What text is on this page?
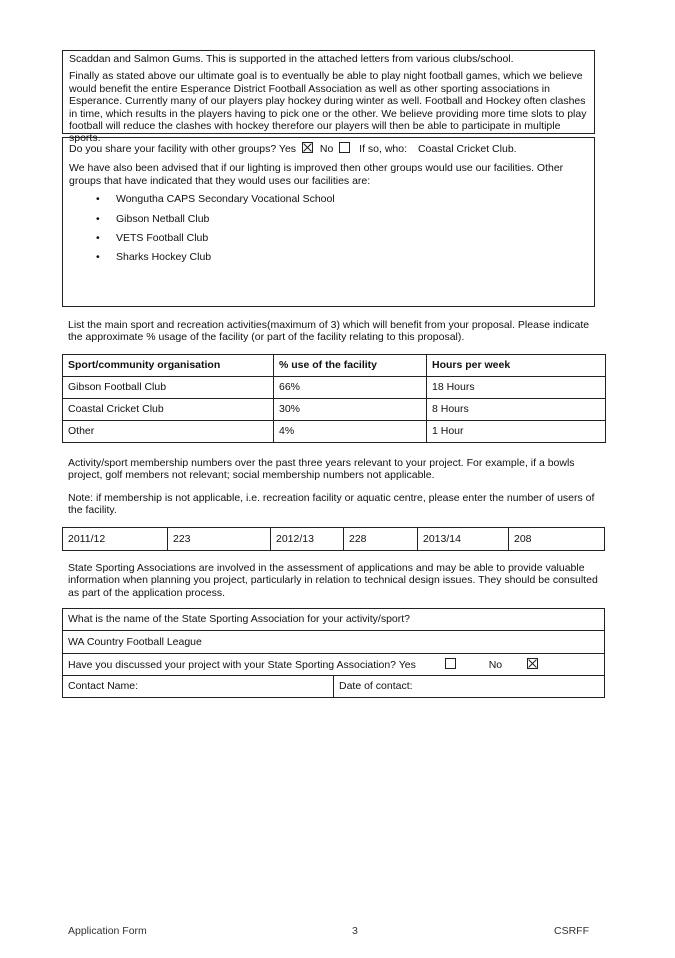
Scaddan and Salmon Gums. This is supported in the attached letters from various clubs/school.

Finally as stated above our ultimate goal is to eventually be able to play night football games, which we believe would benefit the entire Esperance District Football Association as well as other sporting associations in Esperance. Currently many of our players play hockey during winter as well. Football and Hockey often clashes in time, which results in the players having to pick one or the other. We believe providing more time slots to play football will reduce the clashes with hockey therefore our players will then be able to participate in multiple sports.

Do you share your facility with other groups? Yes No If so, who: Coastal Cricket Club.

We have also been advised that if our lighting is improved then other groups would use our facilities. Other groups that have indicated that they would uses our facilities are:

• Wongutha CAPS Secondary Vocational School
• Gibson Netball Club
• VETS Football Club
• Sharks Hockey Club

List the main sport and recreation activities(maximum of 3) which will benefit from your proposal. Please indicate the approximate % usage of the facility (or part of the facility relating to this proposal).

Sport/community organisation	% use of the facility	Hours per week
Gibson Football Club	66%	18 Hours
Coastal Cricket Club	30%	8 Hours
Other	4%	1 Hour

Activity/sport membership numbers over the past three years relevant to your project. For example, if a bowls project, golf members not relevant; social membership numbers not applicable.

Note: if membership is not applicable, i.e. recreation facility or aquatic centre, please enter the number of users of the facility.

2011/12	223	2012/13	228	2013/14	208

State Sporting Associations are involved in the assessment of applications and may be able to provide valuable information when planning you project, particularly in relation to technical design issues. They should be consulted as part of the application process.

What is the name of the State Sporting Association for your activity/sport?
WA Country Football League
Have you discussed your project with your State Sporting Association? Yes	No
Contact Name:	Date of contact:
Application Form	3	CSRFF
